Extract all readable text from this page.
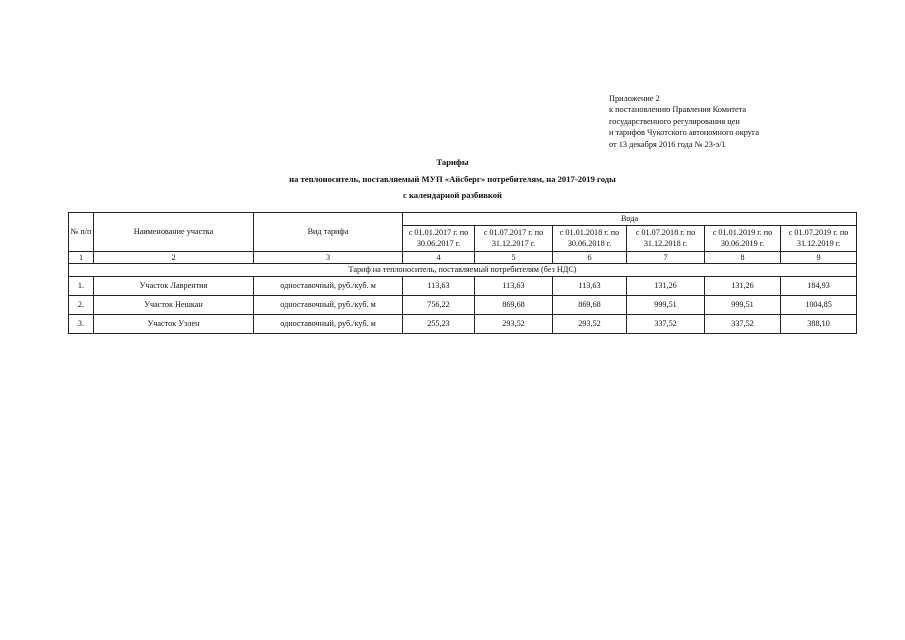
Приложение 2
к постановлению Правления Комитета
государственного регулирования цен
и тарифов Чукотского автономного округа
от 13 декабря 2016 года № 23-э/1
Тарифы
на теплоноситель, поставляемый МУП «Айсберг» потребителям, на 2017-2019 годы
с календарной разбивкой
№ п/п	Наименование участка	Вид тарифа	Вода					
			с 01.01.2017 г. по 30.06.2017 г.	с 01.07.2017 г. по 31.12.2017 г.	с 01.01.2018 г. по 30.06.2018 г.	с 01.07.2018 г. по 31.12.2018 г.	с 01.01.2019 г. по 30.06.2019 г.	с 01.07.2019 г. по 31.12.2019 г.
1	2	3	4	5	6	7	8	9
Тариф на теплоноситель, поставляемый потребителям (без НДС)								
1.	Участок Лаврентия	одноставочный, руб./куб. м	113,63	113,63	113,63	131,26	131,26	184,93
2.	Участок Нешкан	одноставочный, руб./куб. м	756,22	869,68	869,68	999,51	999,51	1004,85
3.	Участок Уэлен	одноставочный, руб./куб. м	255,23	293,52	293,52	337,52	337,52	388,10
